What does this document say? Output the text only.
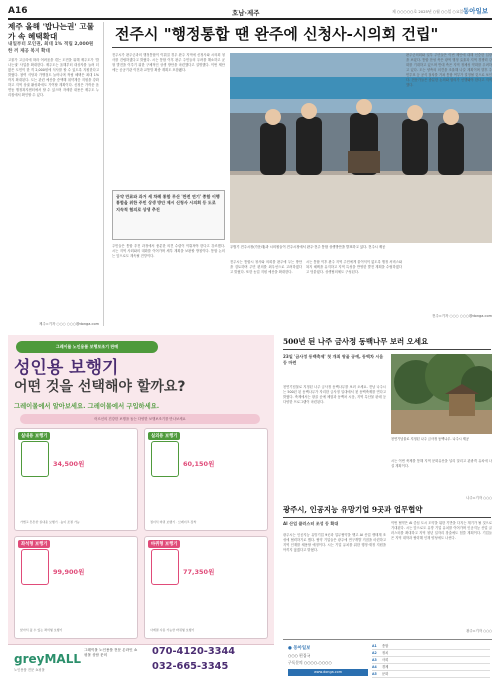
A16	호남·제주	제 ○○○○○호 2025년 ○월 ○○일 ○요일 동아일보
제주 올해 '밥나는권' 고물가 속 혜택확대
내일부터 모인권, 최대 1% 적립 2,000원 한 끼 제공 복지 확대
고물가 고금리에 따라 어려움을 겪는 도민을 위해 제주도가 '밥나는권' 사업을 확대한다. 제주도는 올해부터 대상자를 늘려 더 많은 도민이 한 끼 2,000원에 식사를 할 수 있도록 지원한다고 밝혔다. 참여 식당과 가맹점도 늘어나며 적립 혜택은 최대 1%까지 확대된다. 도는 관련 예산을 증액해 취약계층 지원을 강화하고 지역 상권 활성화에도 기여할 계획이다. 신청은 가까운 읍면동 행정복지센터에서 할 수 있으며 자세한 내용은 제주도 누리집에서 확인할 수 있다.
제주=기자 ○○○ ○○○@donga.com
전주시 "행정통합 땐 완주에 신청사-시의회 건립"
전주시가 완주군과의 행정통합이 이뤄질 경우 완주 지역에 신청사와 시의회 청사를 건립하겠다고 밝혔다. 시는 통합 이후 완주 주민들의 우려를 해소하고 균형 발전을 이루기 위한 구체적인 상생 방안을 마련했다고 설명했다. 이번 제안에는 공공기관 이전과 교통망 확충 계획도 포함됐다.
공약 만료와 과거 세 차례 통합 무산 '완전 연기' 종합 이행 통합을 위한 주민 상생 방안 제시 신청사 시의회 등 도로 지속적 협의로 상생 추진
주민들은 통합 추진 과정에서 충분한 의견 수렴이 이뤄져야 한다고 강조했다. 시는 지역 사회와의 대화를 이어가며 세부 계획을 보완할 방침이다. 통합 논의는 앞으로도 계속될 전망이다.
우범기 전주시장(가운데)과 시의원들이 전주시청에서 완주·전주 통합 상생방안을 발표하고 있다. 전주시 제공
전주시는 통합시 청사와 의회를 완주에 두는 방안을 검토하며 주민 편의를 최우선으로 고려하겠다고 밝혔다. 또한 농업 지원 예산을 확대한다.
시는 통합 이후 완주 지역 주민에게 불이익이 없도록 행정 서비스와 복지 혜택을 유지하고 지역 특성을 반영한 발전 계획을 수립하겠다고 덧붙였다. 상생협의체도 구성된다.
완주군의회와 일부 주민들은 이번 제안에 대해 신중한 입장을 보였다. 통합 찬성 측은 광역 행정 효율과 지역 경쟁력 강화를 기대하고 있으며 반대 측은 지역 정체성 약화를 우려하고 있다. 도는 양측의 의견을 조율해 나갈 계획이며 향후 주민투표 등 공식 절차를 거쳐 통합 여부가 결정될 것으로 보인다. 전문가들은 충분한 논의와 합의가 선행돼야 한다고 지적했다.
전주=기자 ○○○ ○○○@donga.com
그레이몰 노인용품 보행보조기 판매
성인용 보행기
어떤 것을 선택해야 할까요?
그레이몰에서 알아보세요. 그레이몰에서 구입하세요.
어르신의 건강한 보행을 돕는 다양한 보행보조기를 만나보세요
실내용 보행기
34,500원
가볍고 튼튼한 실내용 보행기 · 높이 조절 가능
실외용 보행기
60,150원
접이식 바퀴 보행기 · 브레이크 장착
좌석형 보행기
99,900원
앉아서 쉴 수 있는 좌석형 보행기
바퀴형 보행기
77,350원
사계절 사용 가능한 바퀴형 보행기
greyMALL
노인용품 전문 쇼핑몰
그레이몰 노인용품 전문 온라인 쇼핑몰 상담 문의	070-4120-3344
032-665-3345
500년 된 나주 금사정 동백나무 보러 오세요
23일 '금사정 동백축제' 첫 개최 왕골 공예, 동백차 시음 등 마련
천연기념물로 지정된 나주 금사정 동백나무를 보러 오세요. 전남 나주시는 500년 된 동백나무가 자리한 금사정 일대에서 첫 동백축제를 연다고 밝혔다. 축제에서는 왕골 공예 체험과 동백차 시음, 지역 특산물 판매 등 다양한 프로그램이 마련된다.
천연기념물로 지정된 나주 금사정 동백나무. 나주시 제공
시는 이번 축제를 통해 지역 문화유산을 널리 알리고 관광객 유치에 나설 계획이다.
나주=기자 ○○○
광주시, 인공지능 유망기업 9곳과 업무협약
AI 산업 클러스터 조성 등 확대
광주시는 인공지능 유망기업 9곳과 업무협약을 맺고 AI 산업 생태계 조성에 협력하기로 했다. 협약 기업들은 광주에 연구개발 거점을 마련하고 지역 인재를 채용할 예정이다. 시는 기업 유치를 위한 행정·재정 지원을 아끼지 않겠다고 밝혔다.
이번 협약은 AI 중심 도시 도약을 위한 기반을 다지는 계기가 될 것으로 기대된다. 시는 앞으로도 유망 기업 유치를 이어가며 인공지능 산업 클러스터를 확대하고 지역 청년 일자리 창출에도 힘쓸 계획이다. 기업들은 지역 대학과 협력해 인재 양성에도 나선다.
광주=기자 ○○○
● 동아일보
○○○ 편집국
구독문의 ○○○○-○○○○
www.donga.com
A1 종합
A2 정치
A3 사회
A4 경제
A5 문화
